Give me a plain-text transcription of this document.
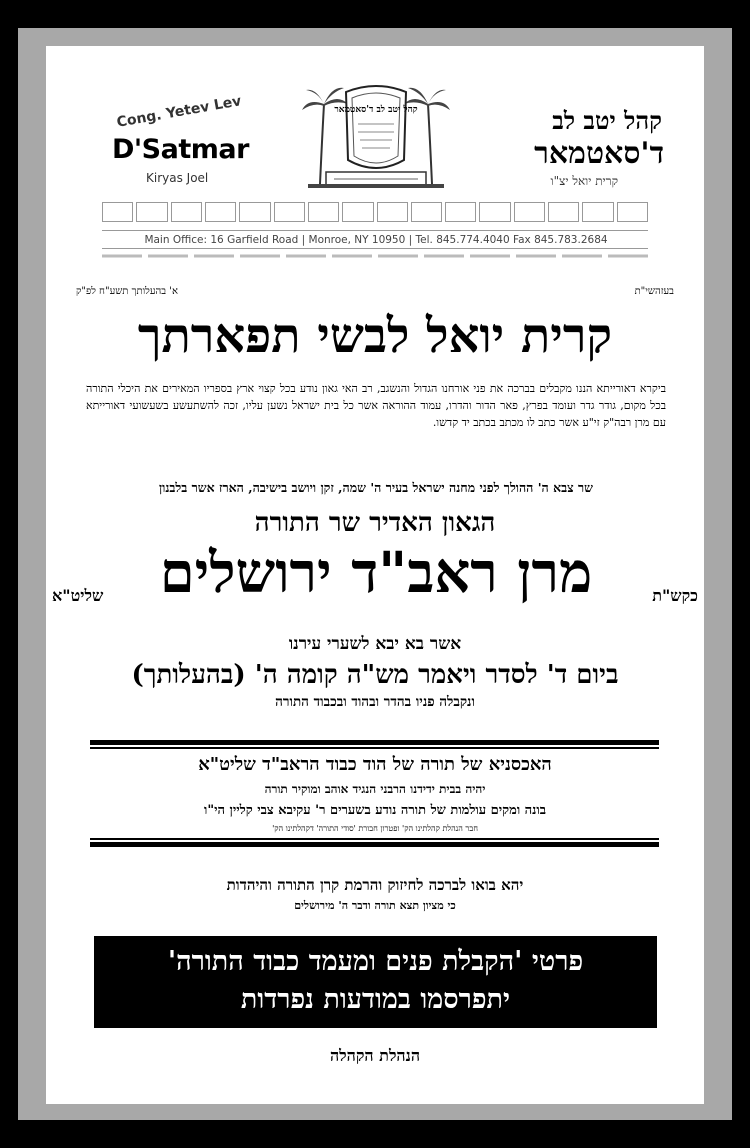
Cong. Yetev Lev
D'Satmar
Kiryas Joel
קהל יטב לב
ד'סאטמאר
קרית יואל יצ"ו
קהל יטב לב ד'סאטמאר
Main Office: 16 Garfield Road | Monroe, NY 10950 | Tel. 845.774.4040 Fax 845.783.2684
בעזהשי"ת
א' בהעלותך תשע"ח לפ"ק
קרית יואל לבשי תפארתך
ביקרא דאורייתא הננו מקבלים בברכה את פני אורחנו הגדול והנשגב, רב האי גאון נודע בכל קצוי ארץ בספריו המאירים את היכלי התורה בכל מקום, גודר גדר ועומד בפרץ, פאר הדור והדרו, עמוד ההוראה אשר כל בית ישראל נשען עליו, זכה להשתעשע בשעשועי דאורייתא עם מרן רבה"ק זי"ע אשר כתב לו מכתב בכתב יד קדשו.
שר צבא ה' ההולך לפני מחנה ישראל בעיר ה' שמה, זקן ויושב בישיבה, הארז אשר בלבנון
הגאון האדיר שר התורה
מרן ראב"ד ירושלים	כקש"ת
שליט"א
אשר בא יבא לשערי עירנו
ביום ד' לסדר ויאמר מש"ה קומה ה' (בהעלותך)
ונקבלה פניו בהדר ובהוד ובכבוד התורה
האכסניא של תורה של הוד כבוד הראב"ד שליט"א
יהיה בבית ידידנו הרבני הנגיד אוהב ומוקיר תורה
בונה ומקים עולמות של תורה נודע בשערים ר' עקיבא צבי קליין הי"ו
חבר הנהלת קהלתינו הק' ופטרון חבורת 'סודי התורה' דקהלתינו הק'
יהא בואו לברכה לחיזוק והרמת קרן התורה והיהדות
כי מציון תצא תורה ודבר ה' מירושלים
פרטי 'הקבלת פנים ומעמד כבוד התורה'
יתפרסמו במודעות נפרדות
הנהלת הקהלה
